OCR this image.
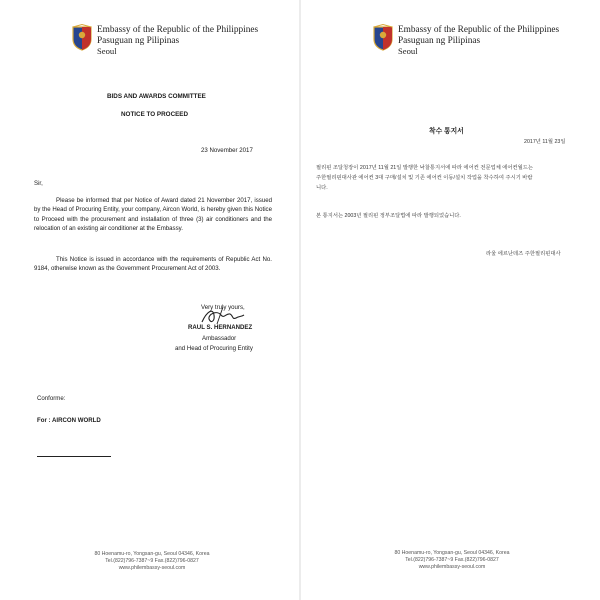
Embassy of the Republic of the Philippines
Pasuguan ng Pilipinas
Seoul
BIDS AND AWARDS COMMITTEE
NOTICE TO PROCEED
23 November 2017
Sir,
Please be informed that per Notice of Award dated 21 November 2017, issued by the Head of Procuring Entity, your company, Aircon World, is hereby given this Notice to Proceed with the procurement and installation of three (3) air conditioners and the relocation of an existing air conditioner at the Embassy.
This Notice is issued in accordance with the requirements of Republic Act No. 9184, otherwise known as the Government Procurement Act of 2003.
Very truly yours,
RAUL S. HERNANDEZ
Ambassador
and Head of Procuring Entity
Conforme:
For : AIRCON WORLD
80 Hoenamu-ro, Yongsan-gu, Seoul 04346, Korea
Tel.(822)796-7387~9 Fax.(822)796-0827
www.philembassy-seoul.com
Embassy of the Republic of the Philippines
Pasuguan ng Pilipinas
Seoul
착수 통지서
2017년 11월 23일
필리핀 조달청장이 2017년 11월 21일 발행한 낙찰통지서에 따라 에어컨 전문업체 에어컨월드는
주한필리핀대사관 에어컨 3대 구매/설치 및 기존 에어컨 이동/설치 작업을 착수하여 주시기 바랍
니다.
본 통지서는 2003년 필리핀 정부조달법에 따라 발행되었습니다.
라울 에르난데즈 주한필리핀대사
80 Hoenamu-ro, Yongsan-gu, Seoul 04346, Korea
Tel.(822)796-7387~9 Fax.(822)796-0827
www.philembassy-seoul.com
